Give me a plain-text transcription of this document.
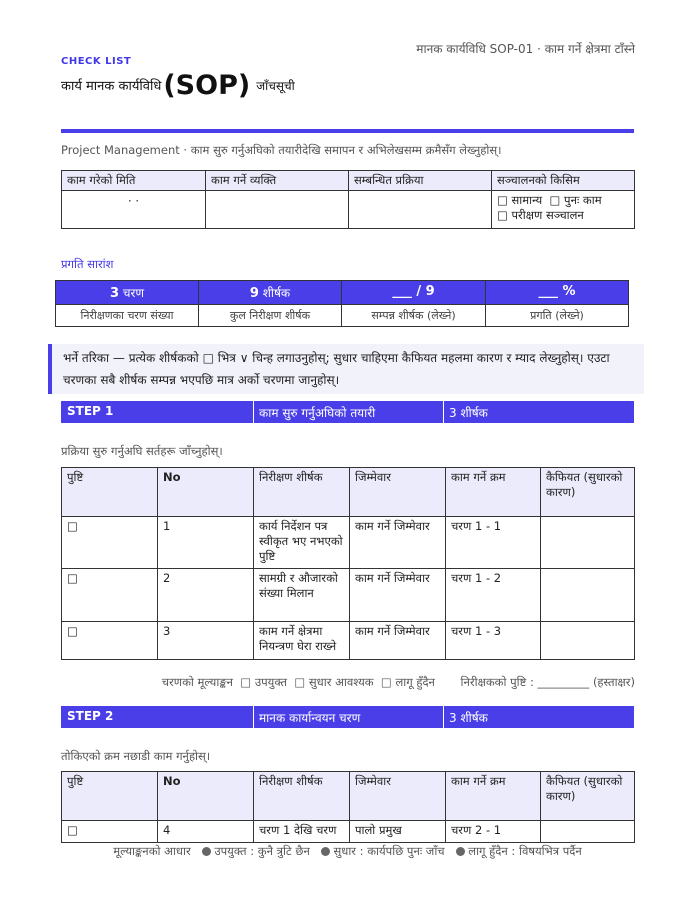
मानक कार्यविधि SOP-01 · काम गर्ने क्षेत्रमा टाँस्ने
CHECK LIST
कार्य मानक कार्यविधि(SOP) जाँचसूची
Project Management · काम सुरु गर्नुअघिको तयारीदेखि समापन र अभिलेखसम्म क्रमैसँग लेख्नुहोस्।
काम गरेको मिति	काम गर्ने व्यक्ति	सम्बन्धित प्रक्रिया	सञ्चालनको किसिम
· ·			□ सामान्य □ पुनः काम
□ परीक्षण सञ्चालन
प्रगति सारांश
3 चरण	9 शीर्षक	___ / 9	___ %
निरीक्षणका चरण संख्या	कुल निरीक्षण शीर्षक	सम्पन्न शीर्षक (लेख्ने)	प्रगति (लेख्ने)
भर्ने तरिका — प्रत्येक शीर्षकको □ भित्र ∨ चिन्ह लगाउनुहोस्; सुधार चाहिएमा कैफियत महलमा कारण र म्याद लेख्नुहोस्। एउटा चरणका सबै शीर्षक सम्पन्न भएपछि मात्र अर्को चरणमा जानुहोस्।
STEP 1	काम सुरु गर्नुअघिको तयारी	3 शीर्षक
प्रक्रिया सुरु गर्नुअघि सर्तहरू जाँच्नुहोस्।
पुष्टि	No	निरीक्षण शीर्षक	जिम्मेवार	काम गर्ने क्रम	कैफियत (सुधारको कारण)
□	1	कार्य निर्देशन पत्र स्वीकृत भए नभएको पुष्टि	काम गर्ने जिम्मेवार	चरण 1 - 1	
□	2	सामग्री र औजारको संख्या मिलान	काम गर्ने जिम्मेवार	चरण 1 - 2	
□	3	काम गर्ने क्षेत्रमा नियन्त्रण घेरा राख्ने	काम गर्ने जिम्मेवार	चरण 1 - 3	
चरणको मूल्याङ्कन □ उपयुक्त □ सुधार आवश्यक □ लागू हुँदैन निरीक्षकको पुष्टि : _________ (हस्ताक्षर)
STEP 2	मानक कार्यान्वयन चरण	3 शीर्षक
तोकिएको क्रम नछाडी काम गर्नुहोस्।
पुष्टि	No	निरीक्षण शीर्षक	जिम्मेवार	काम गर्ने क्रम	कैफियत (सुधारको कारण)
□	4	चरण 1 देखि चरण	पालो प्रमुख	चरण 2 - 1	
मूल्याङ्कनको आधार उपयुक्त : कुनै त्रुटि छैन सुधार : कार्यपछि पुनः जाँच लागू हुँदैन : विषयभित्र पर्दैन
